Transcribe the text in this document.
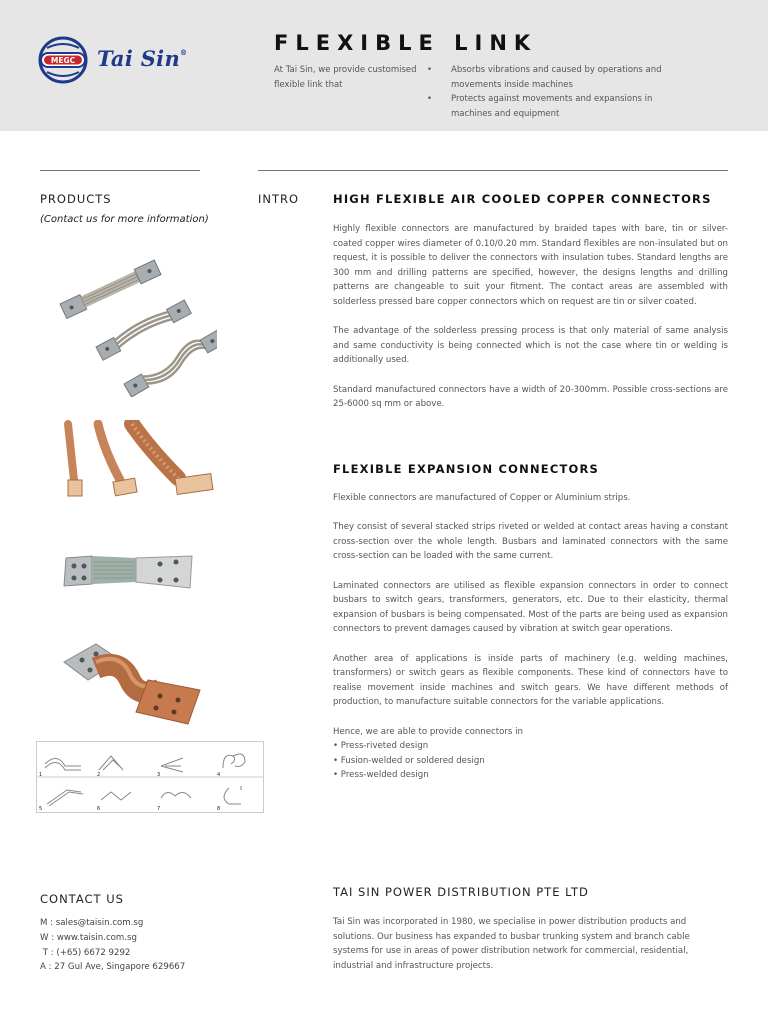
MEGC Tai Sin®	FLEXIBLE LINK
At Tai Sin, we provide customised flexible link that
• Absorbs vibrations and caused by operations and movements inside machines
• Protects against movements and expansions in machines and equipment
PRODUCTS
(Contact us for more information)
INTRO
1	2	3	4
5	6	7	8
HIGH FLEXIBLE AIR COOLED COPPER CONNECTORS

Highly flexible connectors are manufactured by braided tapes with bare, tin or silver-coated copper wires diameter of 0.10/0.20 mm. Standard flexibles are non-insulated but on request, it is possible to deliver the connectors with insulation tubes. Standard lengths are 300 mm and drilling patterns are specified, however, the designs lengths and drilling patterns are changeable to suit your fitment. The contact areas are assembled with solderless pressed bare copper connectors which on request are tin or silver coated.

The advantage of the solderless pressing process is that only material of same analysis and same conductivity is being connected which is not the case where tin or welding is additionally used.

Standard manufactured connectors have a width of 20-300mm. Possible cross-sections are 25-6000 sq mm or above.

FLEXIBLE EXPANSION CONNECTORS

Flexible connectors are manufactured of Copper or Aluminium strips.

They consist of several stacked strips riveted or welded at contact areas having a constant cross-section over the whole length. Busbars and laminated connectors with the same cross-section can be loaded with the same current.

Laminated connectors are utilised as flexible expansion connectors in order to connect busbars to switch gears, transformers, generators, etc. Due to their elasticity, thermal expansion of busbars is being compensated. Most of the parts are being used as expansion connectors to prevent damages caused by vibration at switch gear operations.

Another area of applications is inside parts of machinery (e.g. welding machines, transformers) or switch gears as flexible components. These kind of connectors have to realise movement inside machines and switch gears. We have different methods of production, to manufacture suitable connectors for the variable applications.

Hence, we are able to provide connectors in
• Press-riveted design
• Fusion-welded or soldered design
• Press-welded design
CONTACT US
M : sales@taisin.com.sg
W : www.taisin.com.sg
T : (+65) 6672 9292
A : 27 Gul Ave, Singapore 629667
TAI SIN POWER DISTRIBUTION PTE LTD

Tai Sin was incorporated in 1980, we specialise in power distribution products and solutions. Our business has expanded to busbar trunking system and branch cable systems for use in areas of power distribution network for commercial, residential, industrial and infrastructure projects.
